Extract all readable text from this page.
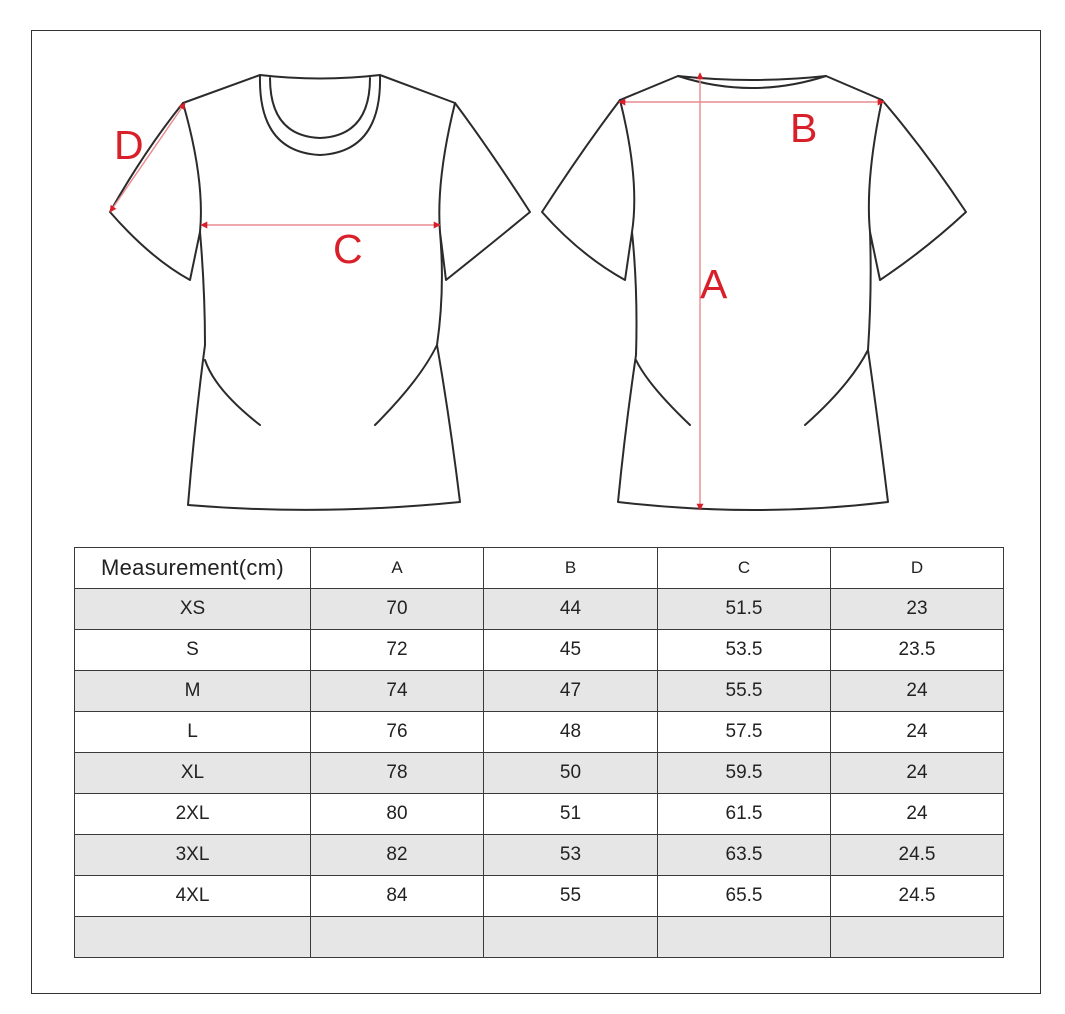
D
C
B
A
Measurement(cm)	A	B	C	D
XS	70	44	51.5	23
S	72	45	53.5	23.5
M	74	47	55.5	24
L	76	48	57.5	24
XL	78	50	59.5	24
2XL	80	51	61.5	24
3XL	82	53	63.5	24.5
4XL	84	55	65.5	24.5
